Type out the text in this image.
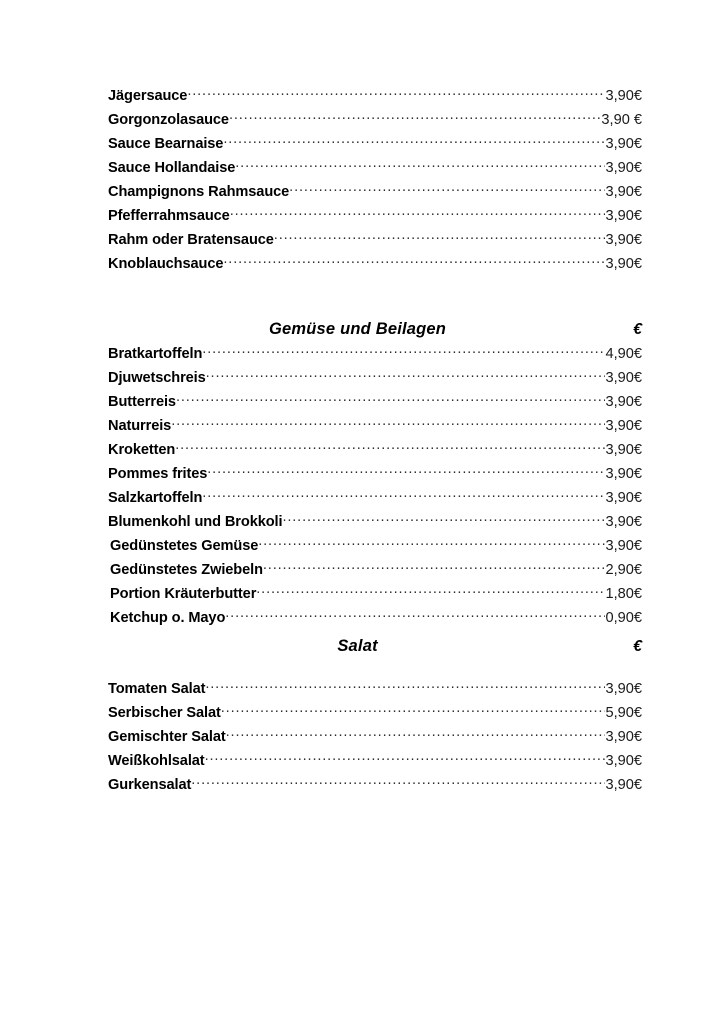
Jägersauce .....	3,90€
Gorgonzolasauce .....	3,90 €
Sauce Bearnaise .....	3,90€
Sauce Hollandaise .....	3,90€
Champignons Rahmsauce .....	3,90€
Pfefferrahmsauce .....	3,90€
Rahm oder Bratensauce .....	3,90€
Knoblauchsauce .....	3,90€
Gemüse und Beilagen	€
Bratkartoffeln .....	4,90€
Djuwetschreis .....	3,90€
Butterreis .....	3,90€
Naturreis .....	3,90€
Kroketten .....	3,90€
Pommes frites .....	3,90€
Salzkartoffeln .....	3,90€
Blumenkohl und Brokkoli .....	3,90€
Gedünstetes Gemüse .....	3,90€
Gedünstetes Zwiebeln .....	2,90€
Portion Kräuterbutter .....	1,80€
Ketchup o. Mayo .....	0,90€
Salat	€
Tomaten Salat .....	3,90€
Serbischer Salat .....	5,90€
Gemischter Salat .....	3,90€
Weißkohlsalat .....	3,90€
Gurkensalat .....	3,90€
